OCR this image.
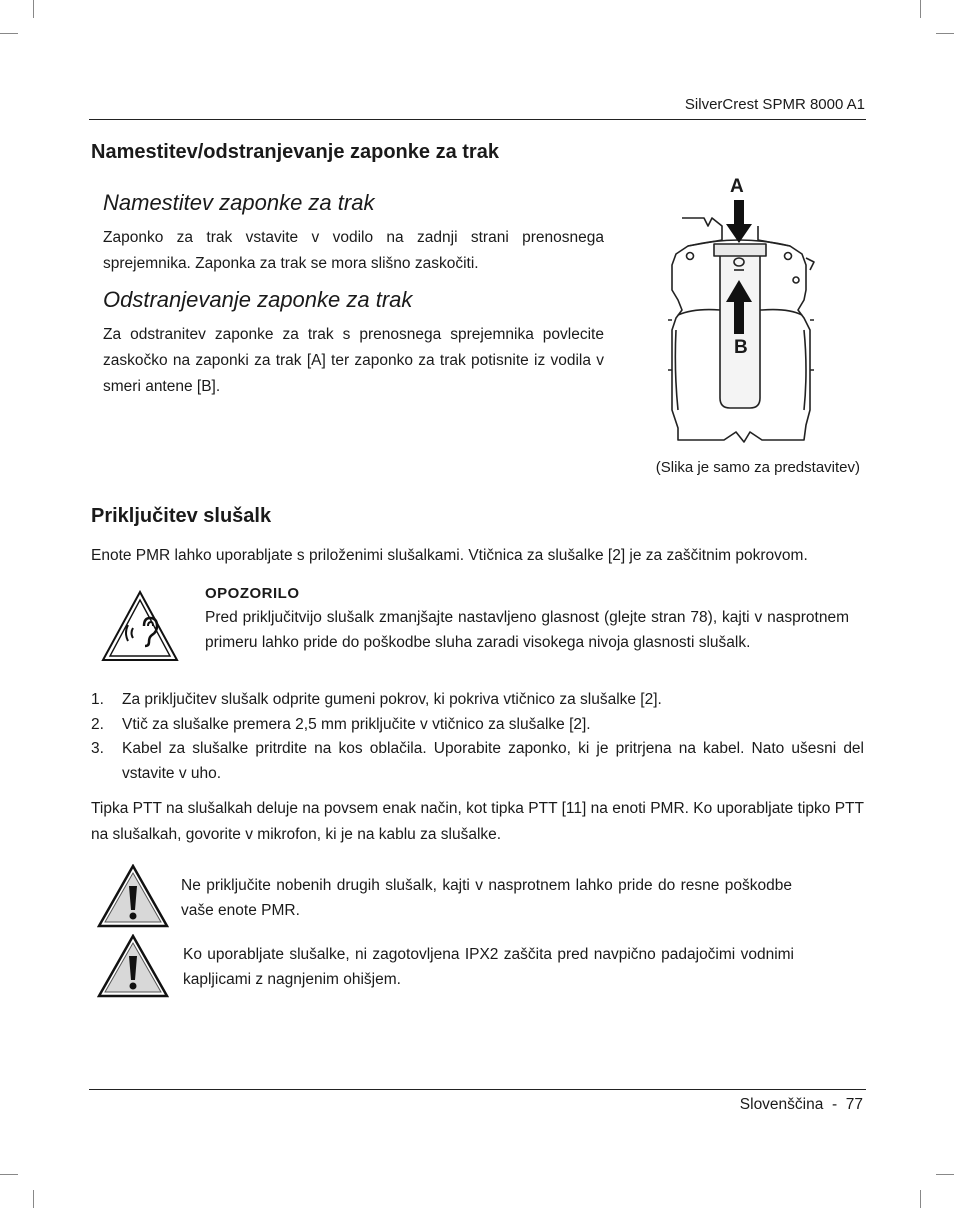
SilverCrest SPMR 8000 A1
Namestitev/odstranjevanje zaponke za trak
Namestitev zaponke za trak

Zaponko za trak vstavite v vodilo na zadnji strani prenosnega sprejemnika. Zaponka za trak se mora slišno zaskočiti.

Odstranjevanje zaponke za trak

Za odstranitev zaponke za trak s prenosnega sprejemnika povlecite zaskočko na zaponki za trak [A] ter zaponko za trak potisnite iz vodila v smeri antene [B].

A
B
(Slika je samo za predstavitev)
Priključitev slušalk

Enote PMR lahko uporabljate s priloženimi slušalkami. Vtičnica za slušalke [2] je za zaščitnim pokrovom.

OPOZORILO

Pred priključitvijo slušalk zmanjšajte nastavljeno glasnost (glejte stran 78), kajti v nasprotnem primeru lahko pride do poškodbe sluha zaradi visokega nivoja glasnosti slušalk.

1. Za priključitev slušalk odprite gumeni pokrov, ki pokriva vtičnico za slušalke [2].
2. Vtič za slušalke premera 2,5 mm priključite v vtičnico za slušalke [2].
3. Kabel za slušalke pritrdite na kos oblačila. Uporabite zaponko, ki je pritrjena na kabel. Nato ušesni del vstavite v uho.

Tipka PTT na slušalkah deluje na povsem enak način, kot tipka PTT [11] na enoti PMR. Ko uporabljate tipko PTT na slušalkah, govorite v mikrofon, ki je na kablu za slušalke.

Ne priključite nobenih drugih slušalk, kajti v nasprotnem lahko pride do resne poškodbe vaše enote PMR.

Ko uporabljate slušalke, ni zagotovljena IPX2 zaščita pred navpično padajočimi vodnimi kapljicami z nagnjenim ohišjem.

Slovenščina  -  77
